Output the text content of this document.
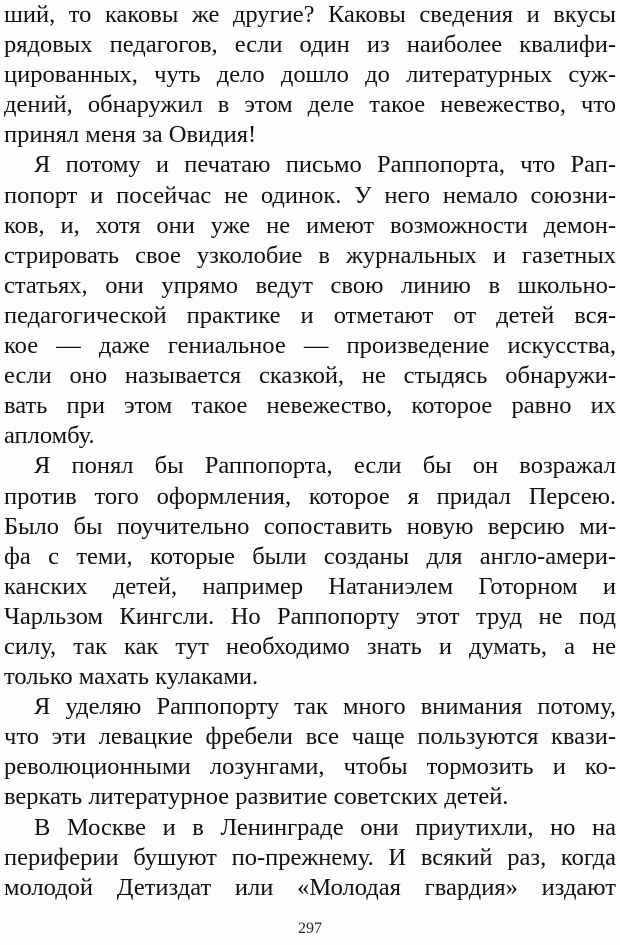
ший, то каковы же другие? Каковы сведения и вкусы
рядовых педагогов, если один из наиболее квалифи-
цированных, чуть дело дошло до литературных суж-
дений, обнаружил в этом деле такое невежество, что
принял меня за Овидия!
Я потому и печатаю письмо Раппопорта, что Рап-
попорт и посейчас не одинок. У него немало союзни-
ков, и, хотя они уже не имеют возможности демон-
стрировать свое узколобие в журнальных и газетных
статьях, они упрямо ведут свою линию в школьно-
педагогической практике и отметают от детей вся-
кое — даже гениальное — произведение искусства,
если оно называется сказкой, не стыдясь обнаружи-
вать при этом такое невежество, которое равно их
апломбу.
Я понял бы Раппопорта, если бы он возражал
против того оформления, которое я придал Персею.
Было бы поучительно сопоставить новую версию ми-
фа с теми, которые были созданы для англо-амери-
канских детей, например Натаниэлем Готорном и
Чарльзом Кингсли. Но Раппопорту этот труд не под
силу, так как тут необходимо знать и думать, а не
только махать кулаками.
Я уделяю Раппопорту так много внимания потому,
что эти левацкие фребели все чаще пользуются квази-
революционными лозунгами, чтобы тормозить и ко-
веркать литературное развитие советских детей.
В Москве и в Ленинграде они приутихли, но на
периферии бушуют по-прежнему. И всякий раз, когда
молодой Детиздат или «Молодая гвардия» издают
297
